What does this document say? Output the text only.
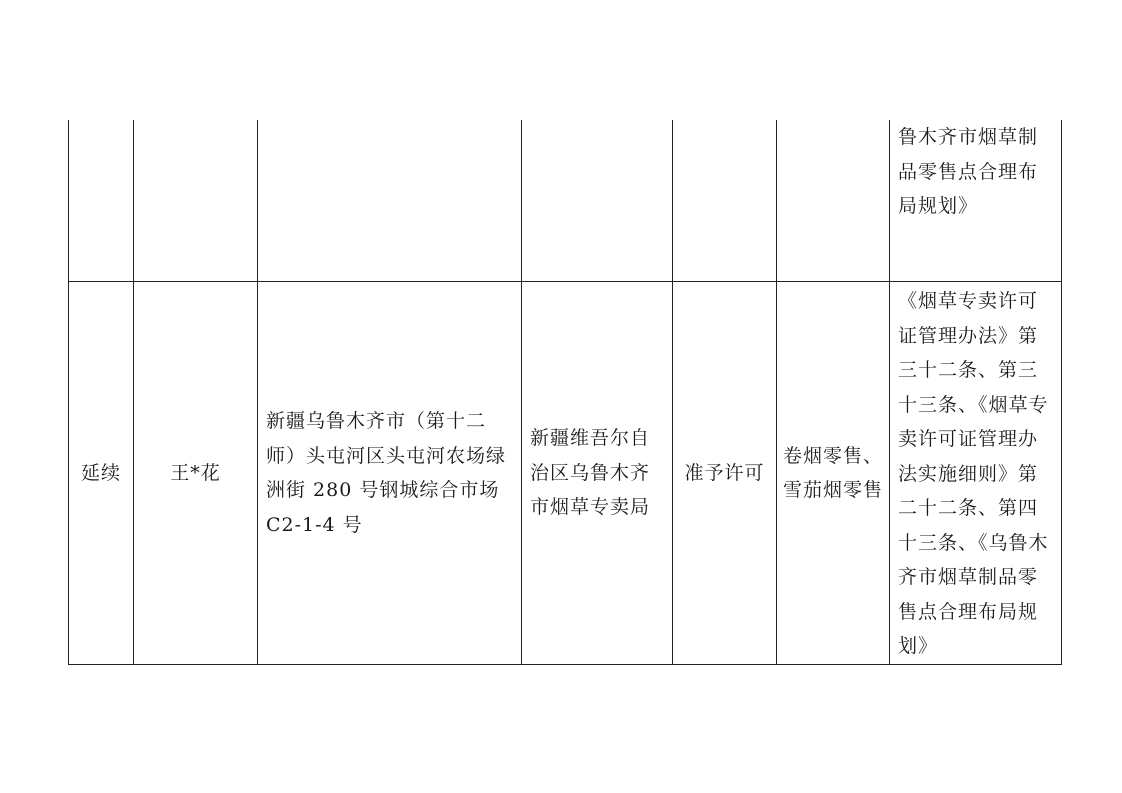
						鲁木齐市烟草制品零售点合理布局规划》

延续	王*花	新疆乌鲁木齐市（第十二师）头屯河区头屯河农场绿洲街 280 号钢城综合市场 C2-1-4 号	新疆维吾尔自治区乌鲁木齐市烟草专卖局	准予许可	卷烟零售、雪茄烟零售	《烟草专卖许可证管理办法》第三十二条、第三十三条、《烟草专卖许可证管理办法实施细则》第二十二条、第四十三条、《乌鲁木齐市烟草制品零售点合理布局规划》
